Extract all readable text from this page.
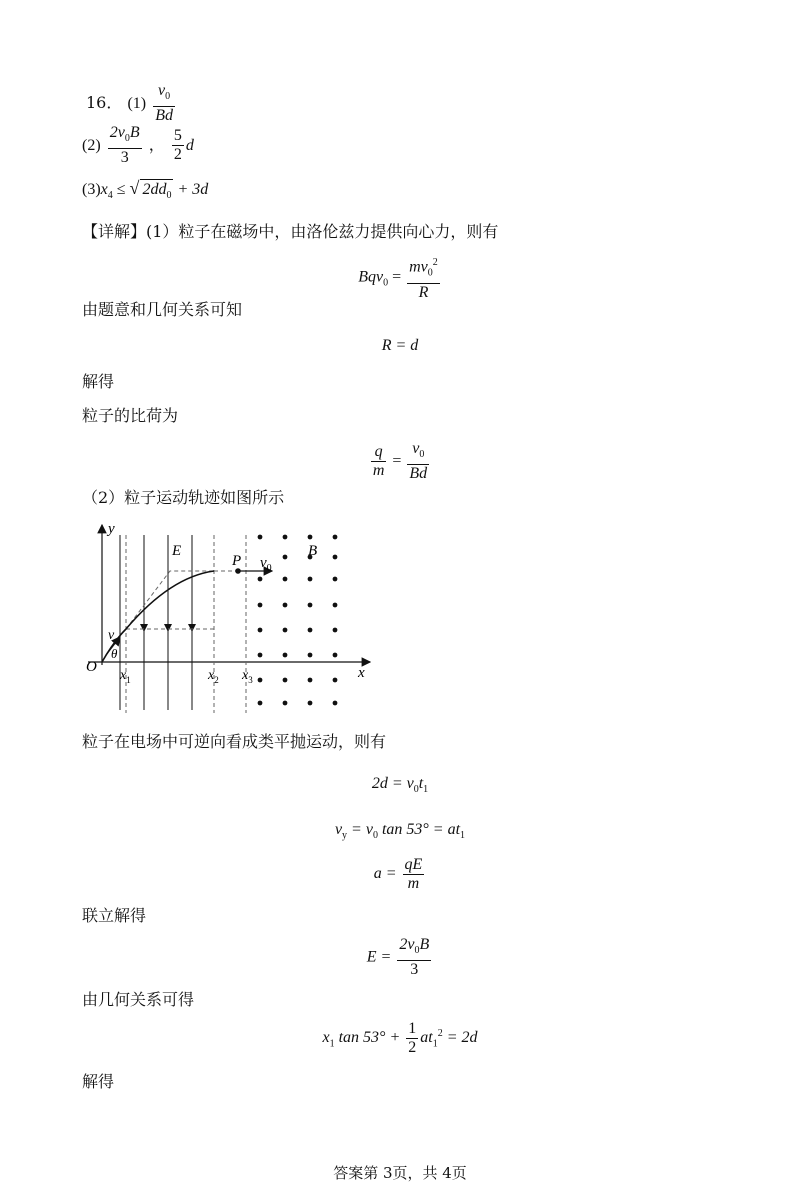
16． $(1) \frac{v_0}{Bd}$
$(2) \frac{2v_0B}{3}$ ， $\frac{5}{2}$ d
$(3)x_4$ ≤ √ $2dd_0 + 3d$
【详解】(1）粒子在磁场中，由洛伦兹力提供向心力，则有
$Bqv_0 = \frac{mv_0^2}{R}$
由题意和几何关系可知
R = d
解得
粒子的比荷为
$\frac{q}{m} = \frac{v_0}{Bd}$
（2）粒子运动轨迹如图所示
y
x
O
E	B
P $v_0$
v
θ
$x_1$	$x_2$ $x_3$
粒子在电场中可逆向看成类平抛运动，则有
$2d = v_0t_1$
$v_y = v_0$ $\tan 53^\circ = at_1$
$a = \frac{qE}{m}$
联立解得
$E = \frac{2v_0B}{3}$
由几何关系可得
$x_1$ $\tan 53^\circ + \frac{1}{2} at_1^2 = 2d$
解得
答案第 3页，共 4页
